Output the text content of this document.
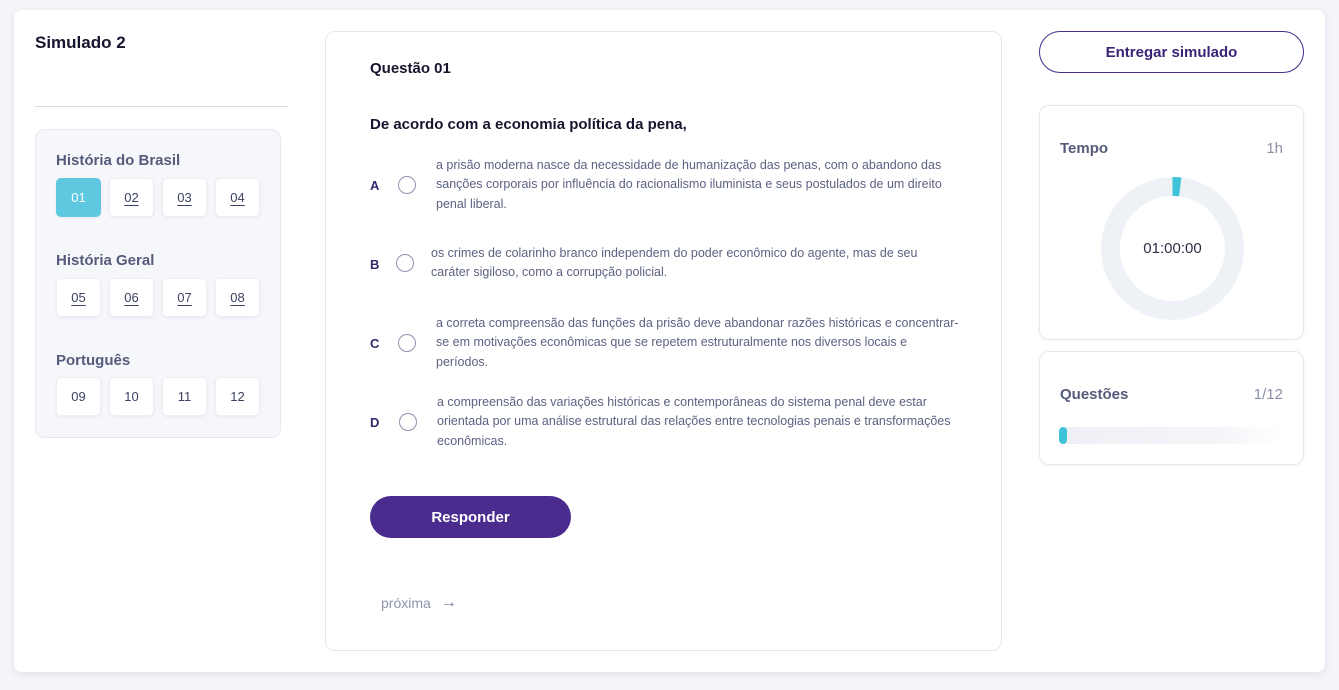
Simulado 2
História do Brasil
01	02	03	04
História Geral
05	06	07	08
Português
09	10	11	12
Questão 01
De acordo com a economia política da pena,
A
a prisão moderna nasce da necessidade de humanização das penas, com o abandono das sanções corporais por influência do racionalismo iluminista e seus postulados de um direito penal liberal.
B
os crimes de colarinho branco independem do poder econômico do agente, mas de seu caráter sigiloso, como a corrupção policial.
C
a correta compreensão das funções da prisão deve abandonar razões históricas e concentrar-se em motivações econômicas que se repetem estruturalmente nos diversos locais e períodos.
D
a compreensão das variações históricas e contemporâneas do sistema penal deve estar orientada por uma análise estrutural das relações entre tecnologias penais e transformações econômicas.
Responder
próxima →
Entregar simulado
Tempo	1h
01:00:00
Questões	1/12
